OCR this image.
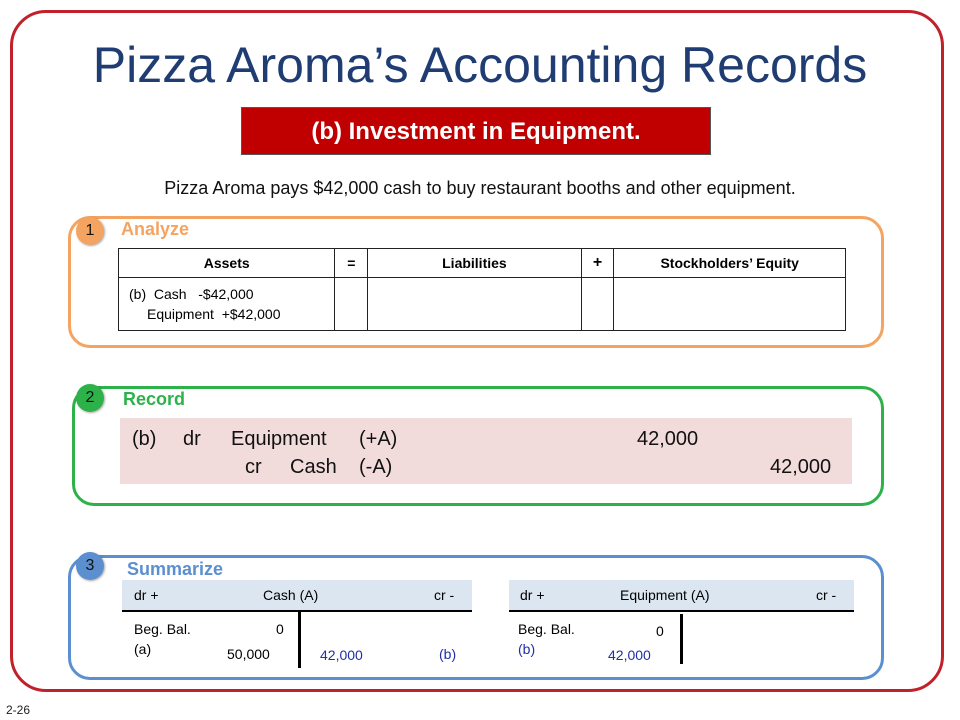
Pizza Aroma’s Accounting Records
(b) Investment in Equipment.
Pizza Aroma pays $42,000 cash to buy restaurant booths and other equipment.
1	Analyze
Assets	=	Liabilities	+	Stockholders’ Equity

(b)  Cash   -$42,000
Equipment  +$42,000				

2	Record
(b) dr Equipment (+A)	42,000
cr Cash (-A)	42,000
3	Summarize
dr +	Cash (A)	cr -
Beg. Bal.	0
(a)	50,000	42,000	(b)
dr +	Equipment (A)	cr -
Beg. Bal.	0
(b)	42,000
2-26
